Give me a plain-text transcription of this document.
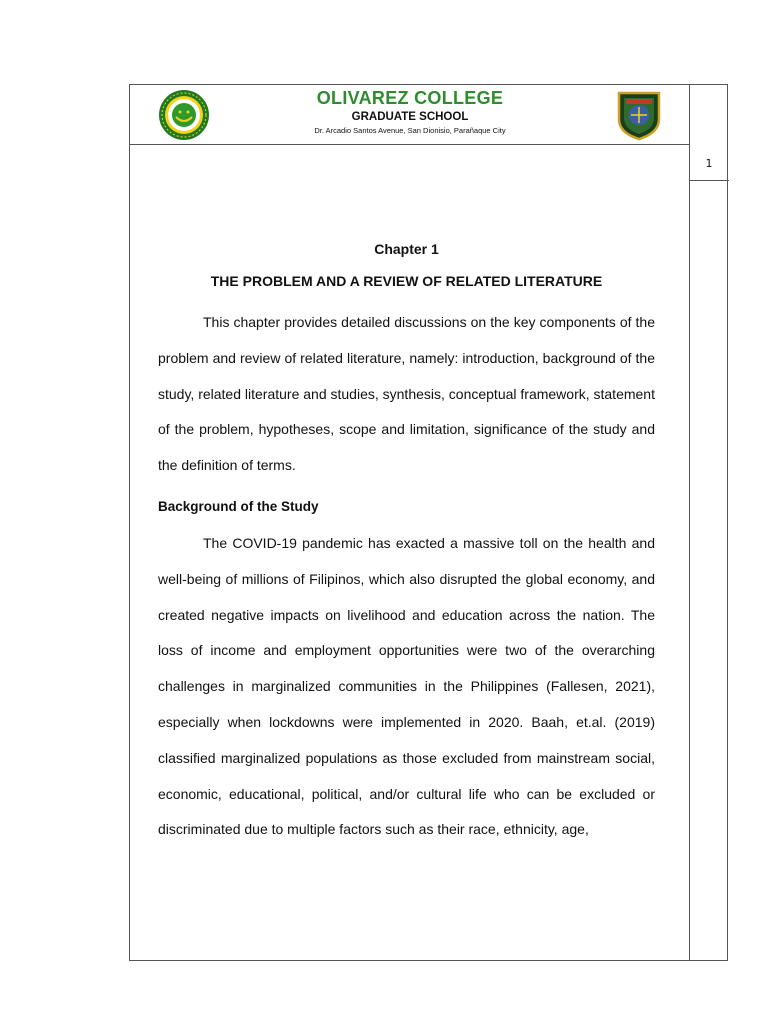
1
OLIVAREZ COLLEGE
GRADUATE SCHOOL
Dr. Arcadio Santos Avenue, San Dionisio, Parañaque City
Chapter 1
THE PROBLEM AND A REVIEW OF RELATED LITERATURE

This chapter provides detailed discussions on the key components of the problem and review of related literature, namely: introduction, background of the study, related literature and studies, synthesis, conceptual framework, statement of the problem, hypotheses, scope and limitation, significance of the study and the definition of terms.

Background of the Study

The COVID-19 pandemic has exacted a massive toll on the health and well-being of millions of Filipinos, which also disrupted the global economy, and created negative impacts on livelihood and education across the nation. The loss of income and employment opportunities were two of the overarching challenges in marginalized communities in the Philippines (Fallesen, 2021), especially when lockdowns were implemented in 2020. Baah, et.al. (2019) classified marginalized populations as those excluded from mainstream social, economic, educational, political, and/or cultural life who can be excluded or discriminated due to multiple factors such as their race, ethnicity, age,
